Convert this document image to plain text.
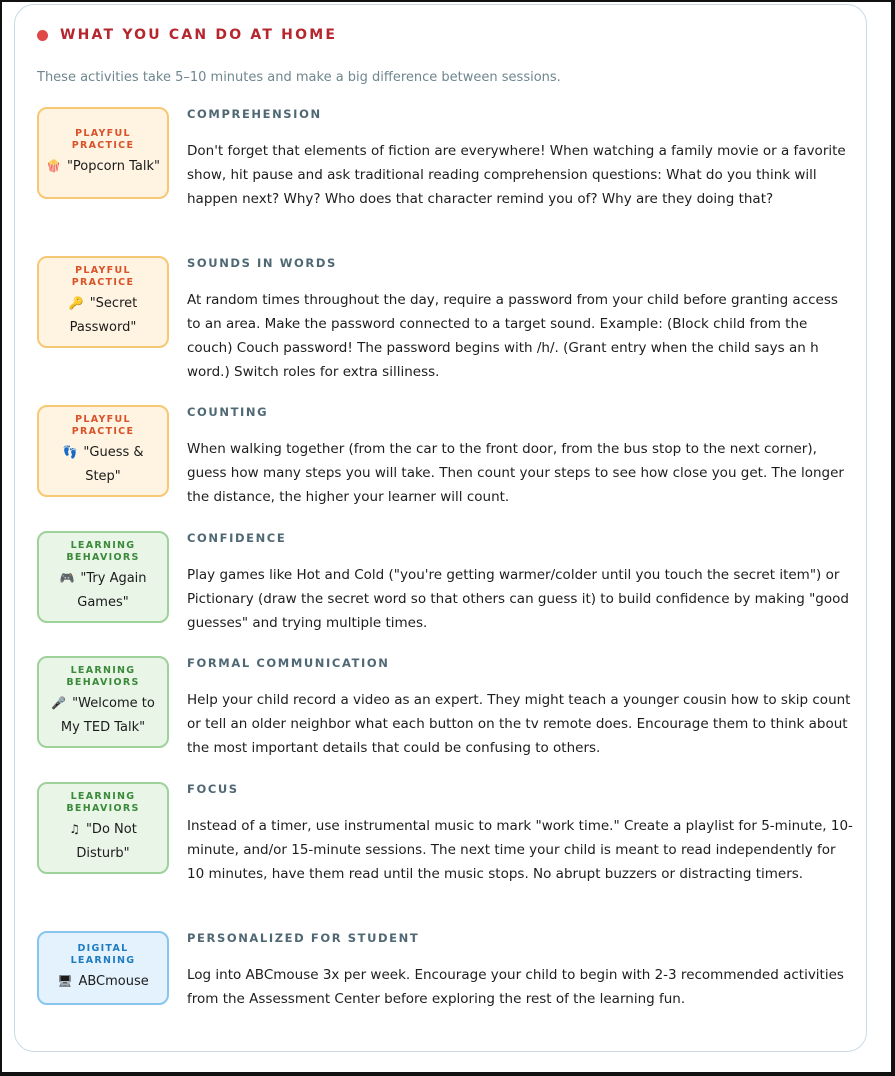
WHAT YOU CAN DO AT HOME
These activities take 5–10 minutes and make a big difference between sessions.
PLAYFUL PRACTICE
🍿 "Popcorn Talk"
COMPREHENSION

Don't forget that elements of fiction are everywhere! When watching a family movie or a favorite show, hit pause and ask traditional reading comprehension questions: What do you think will happen next? Why? Who does that character remind you of? Why are they doing that?

PLAYFUL PRACTICE
🔑 "Secret Password"
SOUNDS IN WORDS

At random times throughout the day, require a password from your child before granting access to an area. Make the password connected to a target sound. Example: (Block child from the couch) Couch password! The password begins with /h/. (Grant entry when the child says an h word.) Switch roles for extra silliness.

PLAYFUL PRACTICE
👣 "Guess & Step"
COUNTING

When walking together (from the car to the front door, from the bus stop to the next corner), guess how many steps you will take. Then count your steps to see how close you get. The longer the distance, the higher your learner will count.

LEARNING BEHAVIORS
🎮 "Try Again Games"
CONFIDENCE

Play games like Hot and Cold ("you're getting warmer/colder until you touch the secret item") or Pictionary (draw the secret word so that others can guess it) to build confidence by making "good guesses" and trying multiple times.

LEARNING BEHAVIORS
🎤 "Welcome to My TED Talk"
FORMAL COMMUNICATION

Help your child record a video as an expert. They might teach a younger cousin how to skip count or tell an older neighbor what each button on the tv remote does. Encourage them to think about the most important details that could be confusing to others.

LEARNING BEHAVIORS
♫ "Do Not Disturb"
FOCUS

Instead of a timer, use instrumental music to mark "work time." Create a playlist for 5-minute, 10-minute, and/or 15-minute sessions. The next time your child is meant to read independently for 10 minutes, have them read until the music stops. No abrupt buzzers or distracting timers.

DIGITAL LEARNING
🖥 ABCmouse
PERSONALIZED FOR STUDENT

Log into ABCmouse 3x per week. Encourage your child to begin with 2-3 recommended activities from the Assessment Center before exploring the rest of the learning fun.
